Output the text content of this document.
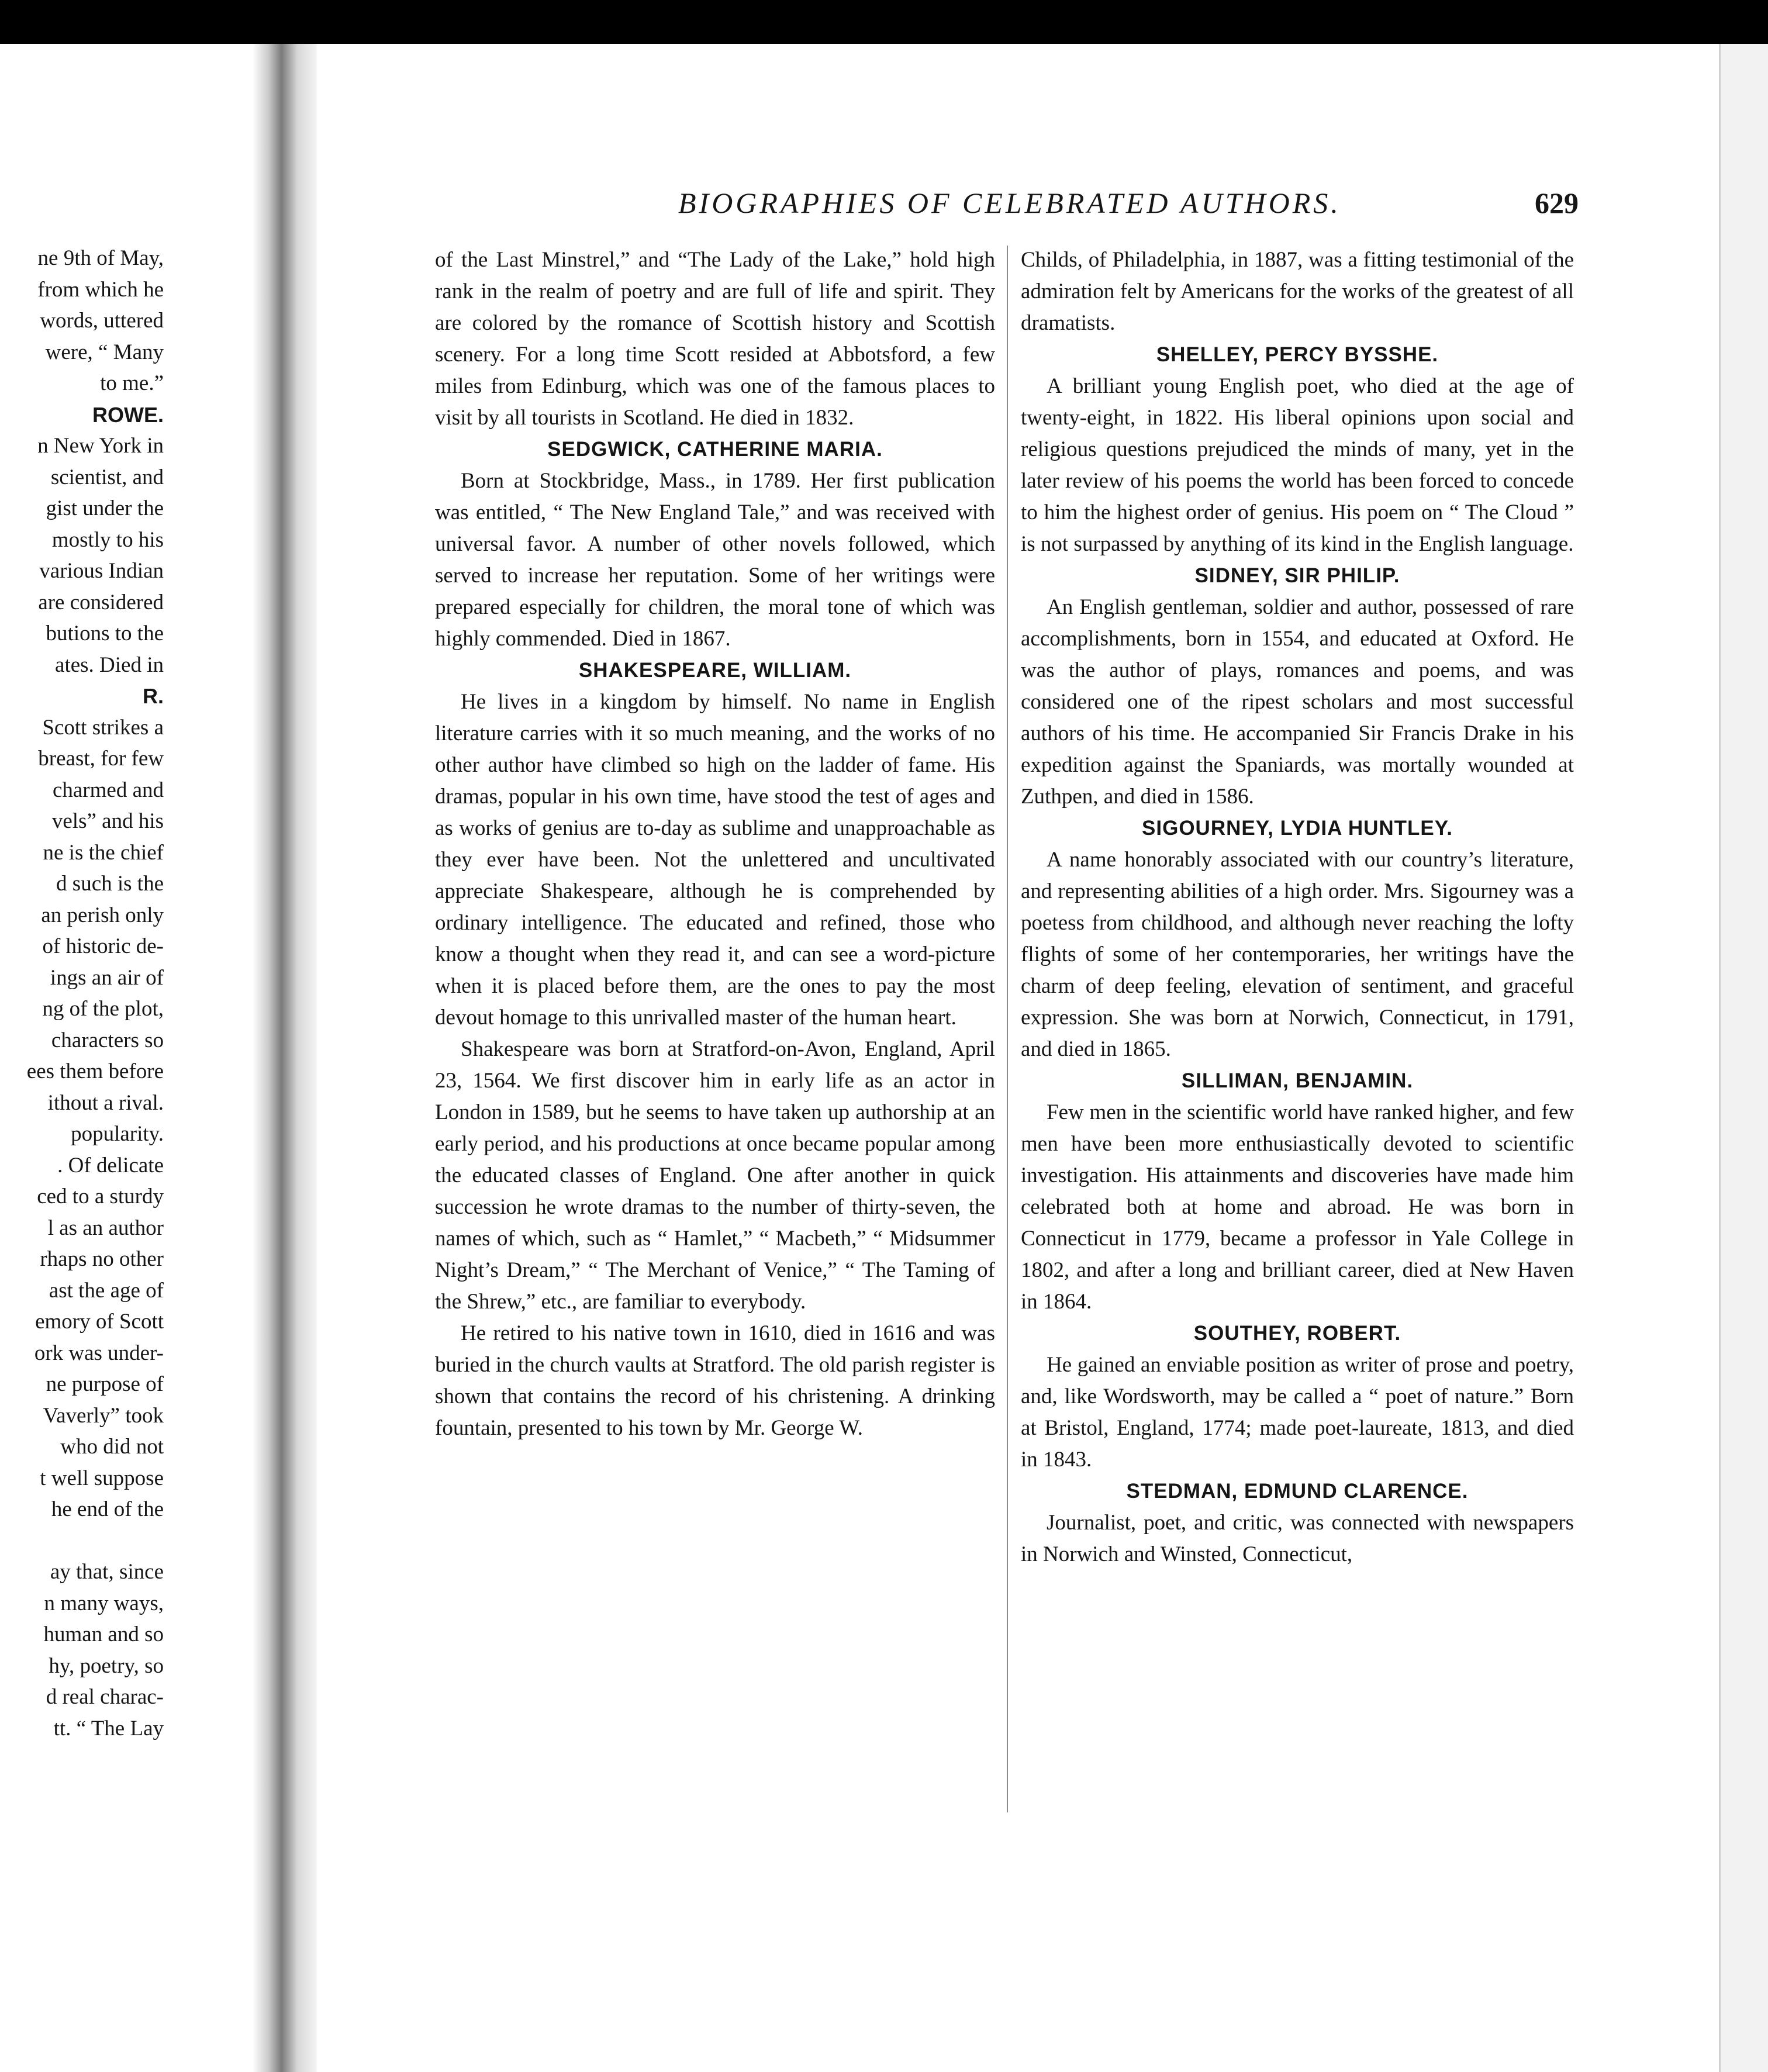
ne 9th of May,
from which he
words, uttered
were, “ Many
to me.”
ROWE.
n New York in
scientist, and
gist under the
mostly to his
various Indian
are considered
butions to the
ates. Died in
R.
Scott strikes a
breast, for few
charmed and
vels” and his
ne is the chief
d such is the
an perish only
of historic de-
ings an air of
ng of the plot,
characters so
ees them before
ithout a rival.
popularity.
. Of delicate
ced to a sturdy
l as an author
rhaps no other
ast the age of
emory of Scott
ork was under-
ne purpose of
Vaverly” took
who did not
t well suppose
he end of the
ay that, since
n many ways,
human and so
hy, poetry, so
d real charac-
tt. “ The Lay
BIOGRAPHIES OF CELEBRATED AUTHORS.	629

of the Last Minstrel,” and “The Lady of the Lake,” hold high rank in the realm of poetry and are full of life and spirit. They are colored by the romance of Scottish history and Scottish scenery. For a long time Scott resided at Abbotsford, a few miles from Edinburg, which was one of the famous places to visit by all tourists in Scotland. He died in 1832.

SEDGWICK, CATHERINE MARIA.

Born at Stockbridge, Mass., in 1789. Her first publication was entitled, “ The New England Tale,” and was received with universal favor. A number of other novels followed, which served to increase her reputation. Some of her writings were prepared especially for children, the moral tone of which was highly commended. Died in 1867.

SHAKESPEARE, WILLIAM.

He lives in a kingdom by himself. No name in English literature carries with it so much meaning, and the works of no other author have climbed so high on the ladder of fame. His dramas, popular in his own time, have stood the test of ages and as works of genius are to-day as sublime and unapproachable as they ever have been. Not the unlettered and uncultivated appreciate Shakespeare, although he is comprehended by ordinary intelligence. The educated and refined, those who know a thought when they read it, and can see a word-picture when it is placed before them, are the ones to pay the most devout homage to this unrivalled master of the human heart.

Shakespeare was born at Stratford-on-Avon, England, April 23, 1564. We first discover him in early life as an actor in London in 1589, but he seems to have taken up authorship at an early period, and his productions at once became popular among the educated classes of England. One after another in quick succession he wrote dramas to the number of thirty-seven, the names of which, such as “ Hamlet,” “ Macbeth,” “ Midsummer Night’s Dream,” “ The Merchant of Venice,” “ The Taming of the Shrew,” etc., are familiar to everybody.

He retired to his native town in 1610, died in 1616 and was buried in the church vaults at Stratford. The old parish register is shown that contains the record of his christening. A drinking fountain, presented to his town by Mr. George W.

Childs, of Philadelphia, in 1887, was a fitting testimonial of the admiration felt by Americans for the works of the greatest of all dramatists.

SHELLEY, PERCY BYSSHE.

A brilliant young English poet, who died at the age of twenty-eight, in 1822. His liberal opinions upon social and religious questions prejudiced the minds of many, yet in the later review of his poems the world has been forced to concede to him the highest order of genius. His poem on “ The Cloud ” is not surpassed by anything of its kind in the English language.

SIDNEY, SIR PHILIP.

An English gentleman, soldier and author, possessed of rare accomplishments, born in 1554, and educated at Oxford. He was the author of plays, romances and poems, and was considered one of the ripest scholars and most successful authors of his time. He accompanied Sir Francis Drake in his expedition against the Spaniards, was mortally wounded at Zuthpen, and died in 1586.

SIGOURNEY, LYDIA HUNTLEY.

A name honorably associated with our country’s literature, and representing abilities of a high order. Mrs. Sigourney was a poetess from childhood, and although never reaching the lofty flights of some of her contemporaries, her writings have the charm of deep feeling, elevation of sentiment, and graceful expression. She was born at Norwich, Connecticut, in 1791, and died in 1865.

SILLIMAN, BENJAMIN.

Few men in the scientific world have ranked higher, and few men have been more enthusiastically devoted to scientific investigation. His attainments and discoveries have made him celebrated both at home and abroad. He was born in Connecticut in 1779, became a professor in Yale College in 1802, and after a long and brilliant career, died at New Haven in 1864.

SOUTHEY, ROBERT.

He gained an enviable position as writer of prose and poetry, and, like Wordsworth, may be called a “ poet of nature.” Born at Bristol, England, 1774; made poet-laureate, 1813, and died in 1843.

STEDMAN, EDMUND CLARENCE.

Journalist, poet, and critic, was connected with newspapers in Norwich and Winsted, Connecticut,
